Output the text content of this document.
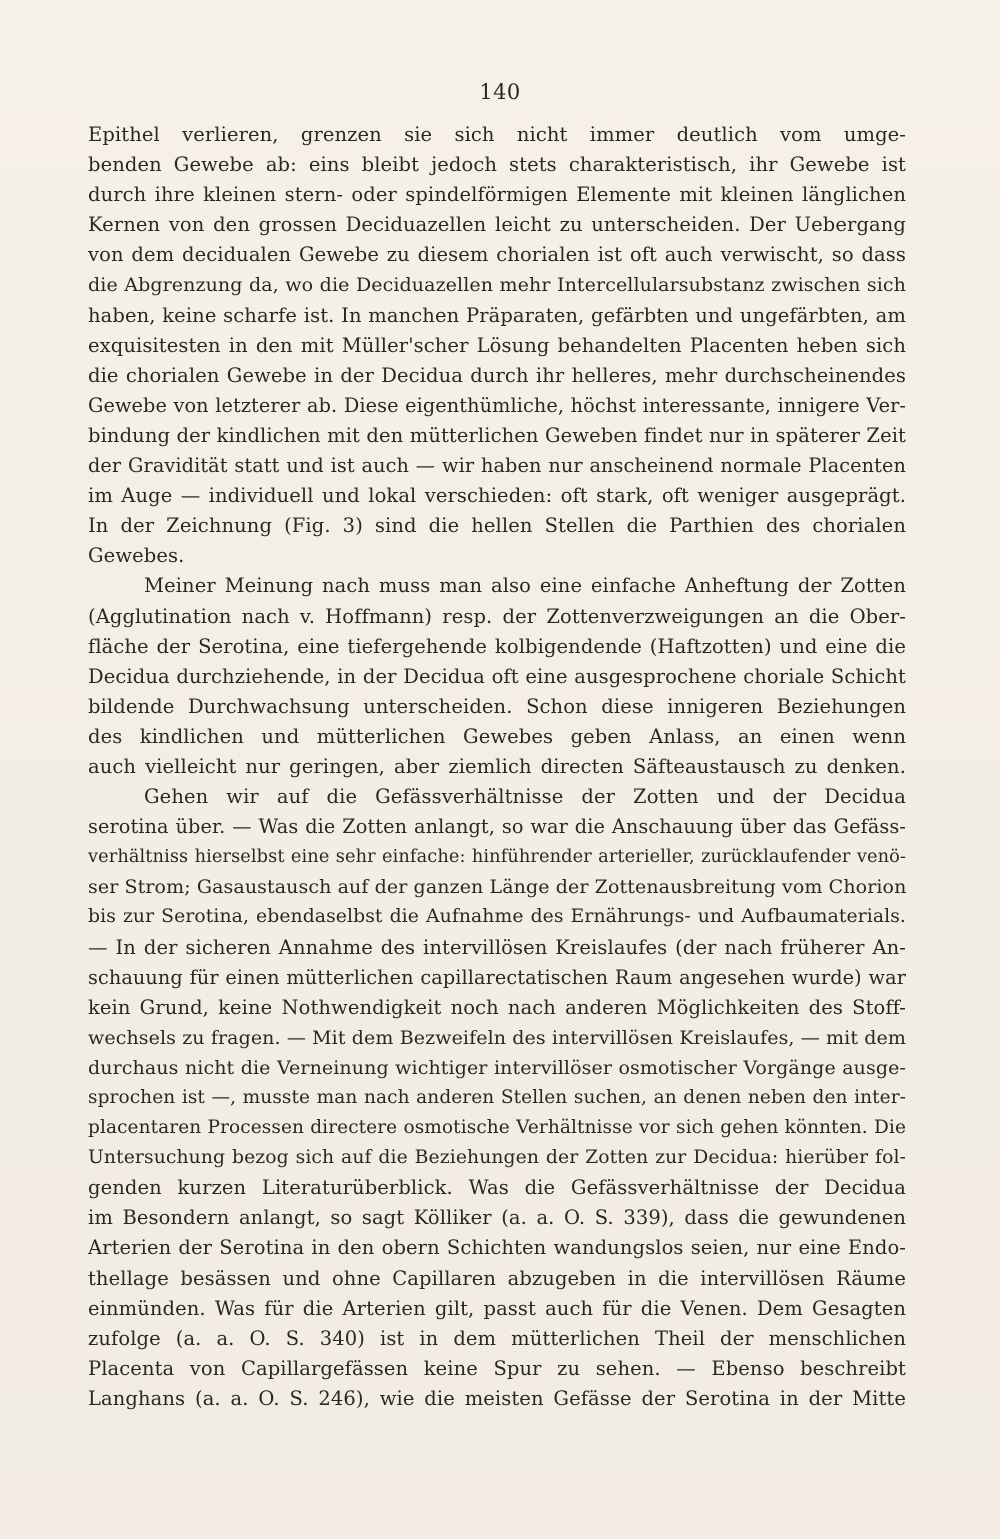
140
Epithel verlieren, grenzen sie sich nicht immer deutlich vom umge-
benden Gewebe ab: eins bleibt jedoch stets charakteristisch, ihr Gewebe ist
durch ihre kleinen stern- oder spindelförmigen Elemente mit kleinen länglichen
Kernen von den grossen Deciduazellen leicht zu unterscheiden. Der Uebergang
von dem decidualen Gewebe zu diesem chorialen ist oft auch verwischt, so dass
die Abgrenzung da, wo die Deciduazellen mehr Intercellularsubstanz zwischen sich
haben, keine scharfe ist. In manchen Präparaten, gefärbten und ungefärbten, am
exquisitesten in den mit Müller'scher Lösung behandelten Placenten heben sich
die chorialen Gewebe in der Decidua durch ihr helleres, mehr durchscheinendes
Gewebe von letzterer ab. Diese eigenthümliche, höchst interessante, innigere Ver-
bindung der kindlichen mit den mütterlichen Geweben findet nur in späterer Zeit
der Gravidität statt und ist auch — wir haben nur anscheinend normale Placenten
im Auge — individuell und lokal verschieden: oft stark, oft weniger ausgeprägt.
In der Zeichnung (Fig. 3) sind die hellen Stellen die Parthien des chorialen
Gewebes.
Meiner Meinung nach muss man also eine einfache Anheftung der Zotten
(Agglutination nach v. Hoffmann) resp. der Zottenverzweigungen an die Ober-
fläche der Serotina, eine tiefergehende kolbigendende (Haftzotten) und eine die
Decidua durchziehende, in der Decidua oft eine ausgesprochene choriale Schicht
bildende Durchwachsung unterscheiden. Schon diese innigeren Beziehungen
des kindlichen und mütterlichen Gewebes geben Anlass, an einen wenn
auch vielleicht nur geringen, aber ziemlich directen Säfteaustausch zu denken.
Gehen wir auf die Gefässverhältnisse der Zotten und der Decidua
serotina über. — Was die Zotten anlangt, so war die Anschauung über das Gefäss-
verhältniss hierselbst eine sehr einfache: hinführender arterieller, zurücklaufender venö-
ser Strom; Gasaustausch auf der ganzen Länge der Zottenausbreitung vom Chorion
bis zur Serotina, ebendaselbst die Aufnahme des Ernährungs- und Aufbaumaterials.
— In der sicheren Annahme des intervillösen Kreislaufes (der nach früherer An-
schauung für einen mütterlichen capillarectatischen Raum angesehen wurde) war
kein Grund, keine Nothwendigkeit noch nach anderen Möglichkeiten des Stoff-
wechsels zu fragen. — Mit dem Bezweifeln des intervillösen Kreislaufes, — mit dem
durchaus nicht die Verneinung wichtiger intervillöser osmotischer Vorgänge ausge-
sprochen ist —, musste man nach anderen Stellen suchen, an denen neben den inter-
placentaren Processen directere osmotische Verhältnisse vor sich gehen könnten. Die
Untersuchung bezog sich auf die Beziehungen der Zotten zur Decidua: hierüber fol-
genden kurzen Literaturüberblick. Was die Gefässverhältnisse der Decidua
im Besondern anlangt, so sagt Kölliker (a. a. O. S. 339), dass die gewundenen
Arterien der Serotina in den obern Schichten wandungslos seien, nur eine Endo-
thellage besässen und ohne Capillaren abzugeben in die intervillösen Räume
einmünden. Was für die Arterien gilt, passt auch für die Venen. Dem Gesagten
zufolge (a. a. O. S. 340) ist in dem mütterlichen Theil der menschlichen
Placenta von Capillargefässen keine Spur zu sehen. — Ebenso beschreibt
Langhans (a. a. O. S. 246), wie die meisten Gefässe der Serotina in der Mitte
